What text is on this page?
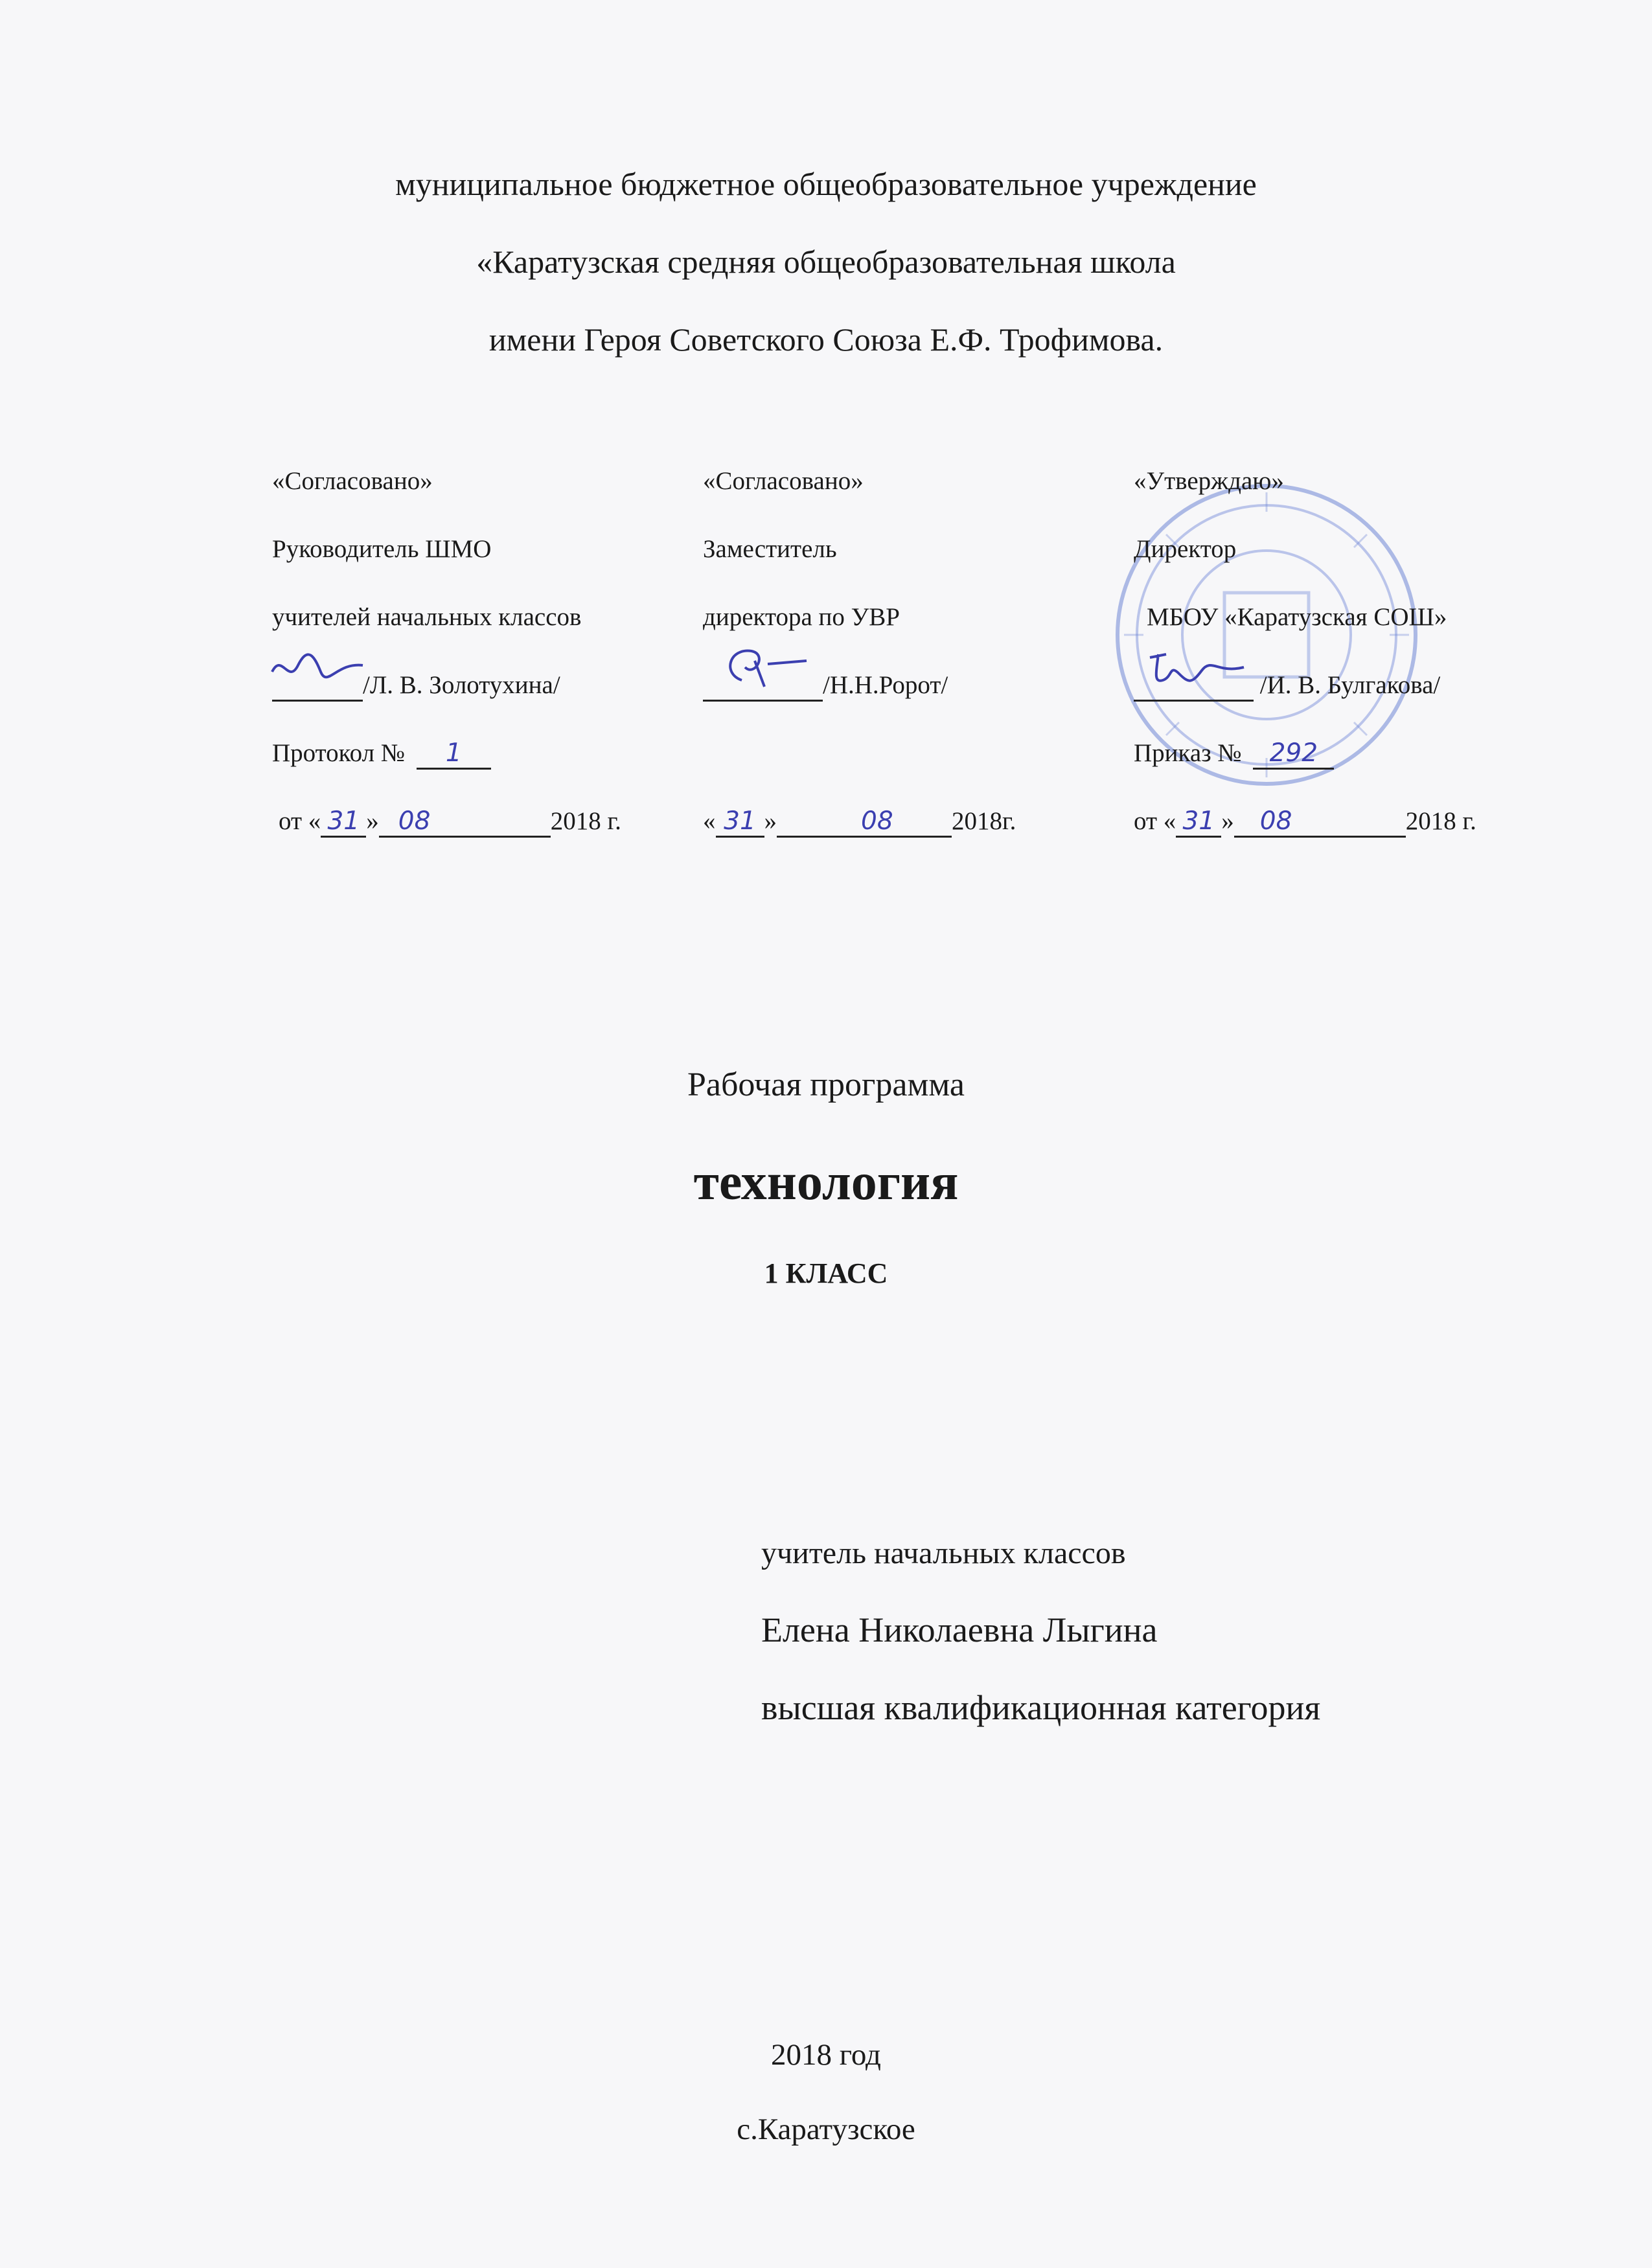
муниципальное бюджетное общеобразовательное учреждение
«Каратузская средняя общеобразовательная школа
имени Героя Советского Союза Е.Ф. Трофимова.
«Согласовано»
Руководитель ШМО
учителей начальных классов
/Л. В. Золотухина/
Протокол № 1
от « 31 » 08	2018 г.
«Согласовано»
Заместитель
директора по УВР
/Н.Н.Ророт/
« 31 »	08 2018г.
«Утверждаю»
Директор
МБОУ «Каратузская СОШ»
/И. В. Булгакова/
Приказ № 292
от « 31 » 08	2018 г.
Рабочая программа
технология
1 КЛАСС
учитель начальных классов
Елена Николаевна Лыгина
высшая квалификационная категория
2018 год
с.Каратузское
